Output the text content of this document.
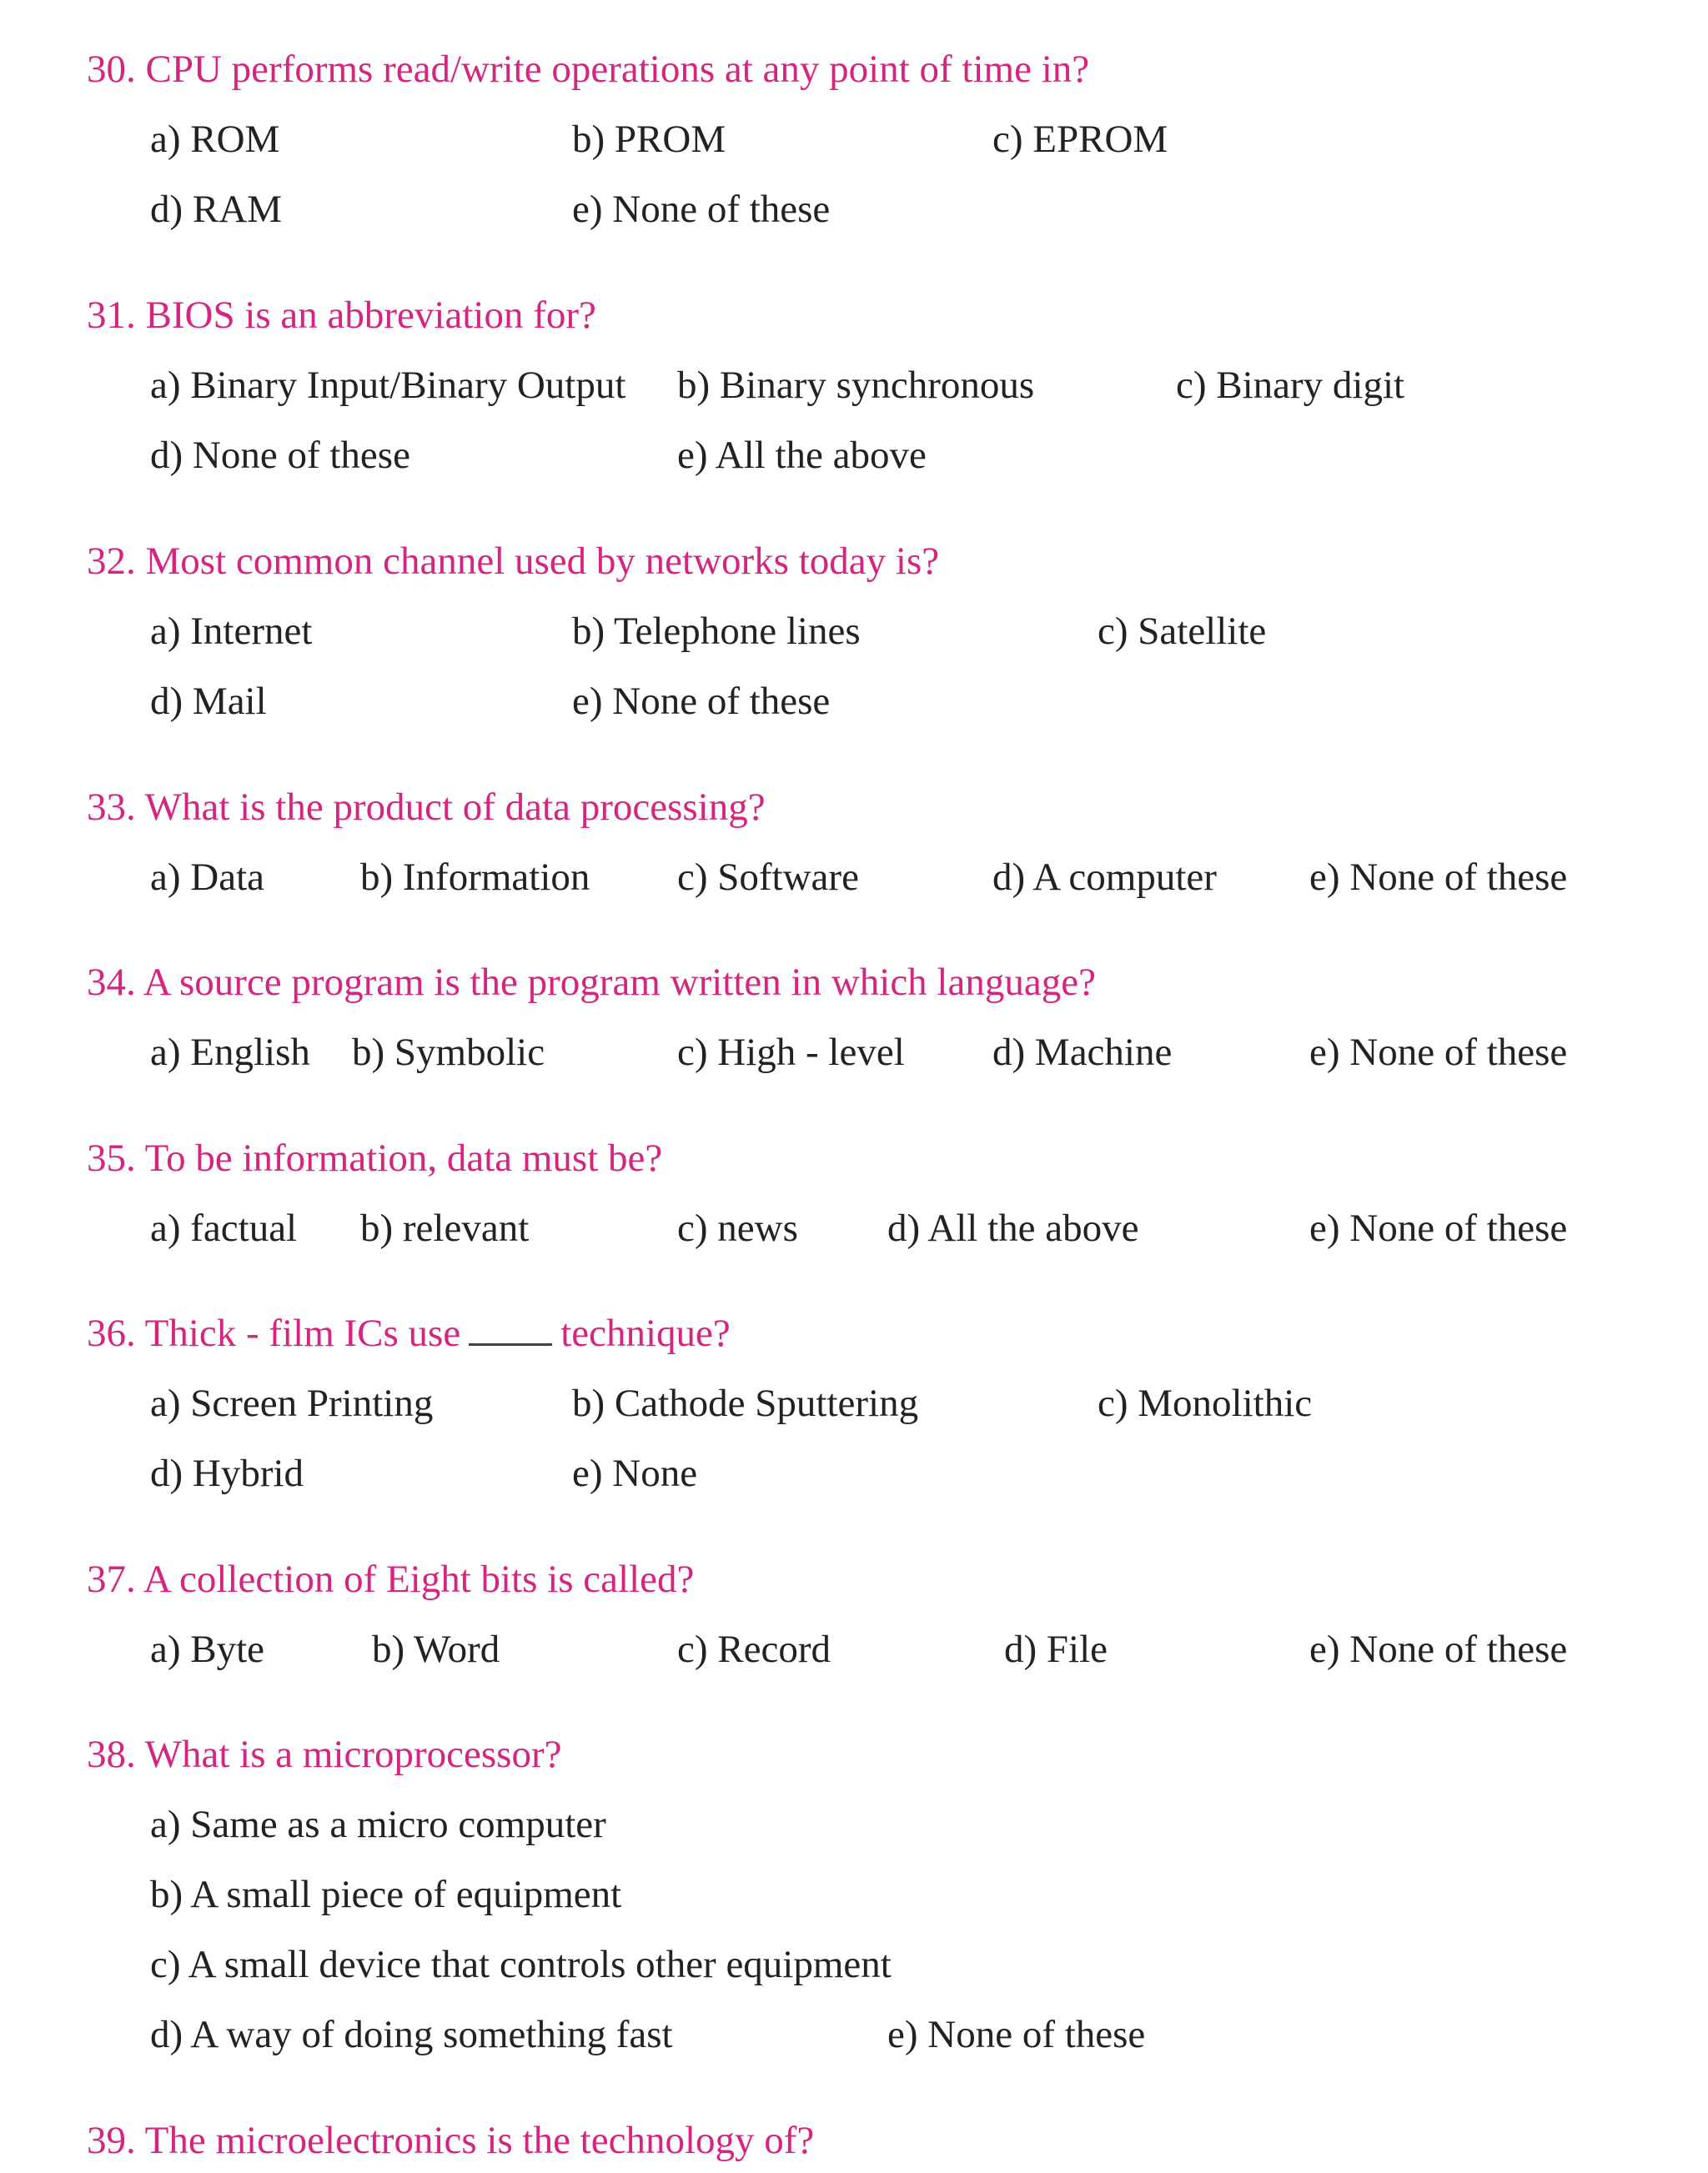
30. CPU performs read/write operations at any point of time in?
a) ROM	b) PROM	c) EPROM
d) RAM	e) None of these
31. BIOS is an abbreviation for?
a) Binary Input/Binary Output b) Binary synchronous	c) Binary digit
d) None of these	e) All the above
32. Most common channel used by networks today is?
a) Internet	b) Telephone lines	c) Satellite
d) Mail	e) None of these
33. What is the product of data processing?
a) Data b) Information c) Software	d) A computer e) None of these
34. A source program is the program written in which language?
a) English b) Symbolic	c) High - level d) Machine	e) None of these
35. To be information, data must be?
a) factual b) relevant	c) news d) All the above	e) None of these
36. Thick - film ICs use	technique?
a) Screen Printing	b) Cathode Sputtering	c) Monolithic
d) Hybrid	e) None
37. A collection of Eight bits is called?
a) Byte	b) Word	c) Record	d) File	e) None of these
38. What is a microprocessor?
a) Same as a micro computer
b) A small piece of equipment
c) A small device that controls other equipment
d) A way of doing something fast	e) None of these
39. The microelectronics is the technology of?
